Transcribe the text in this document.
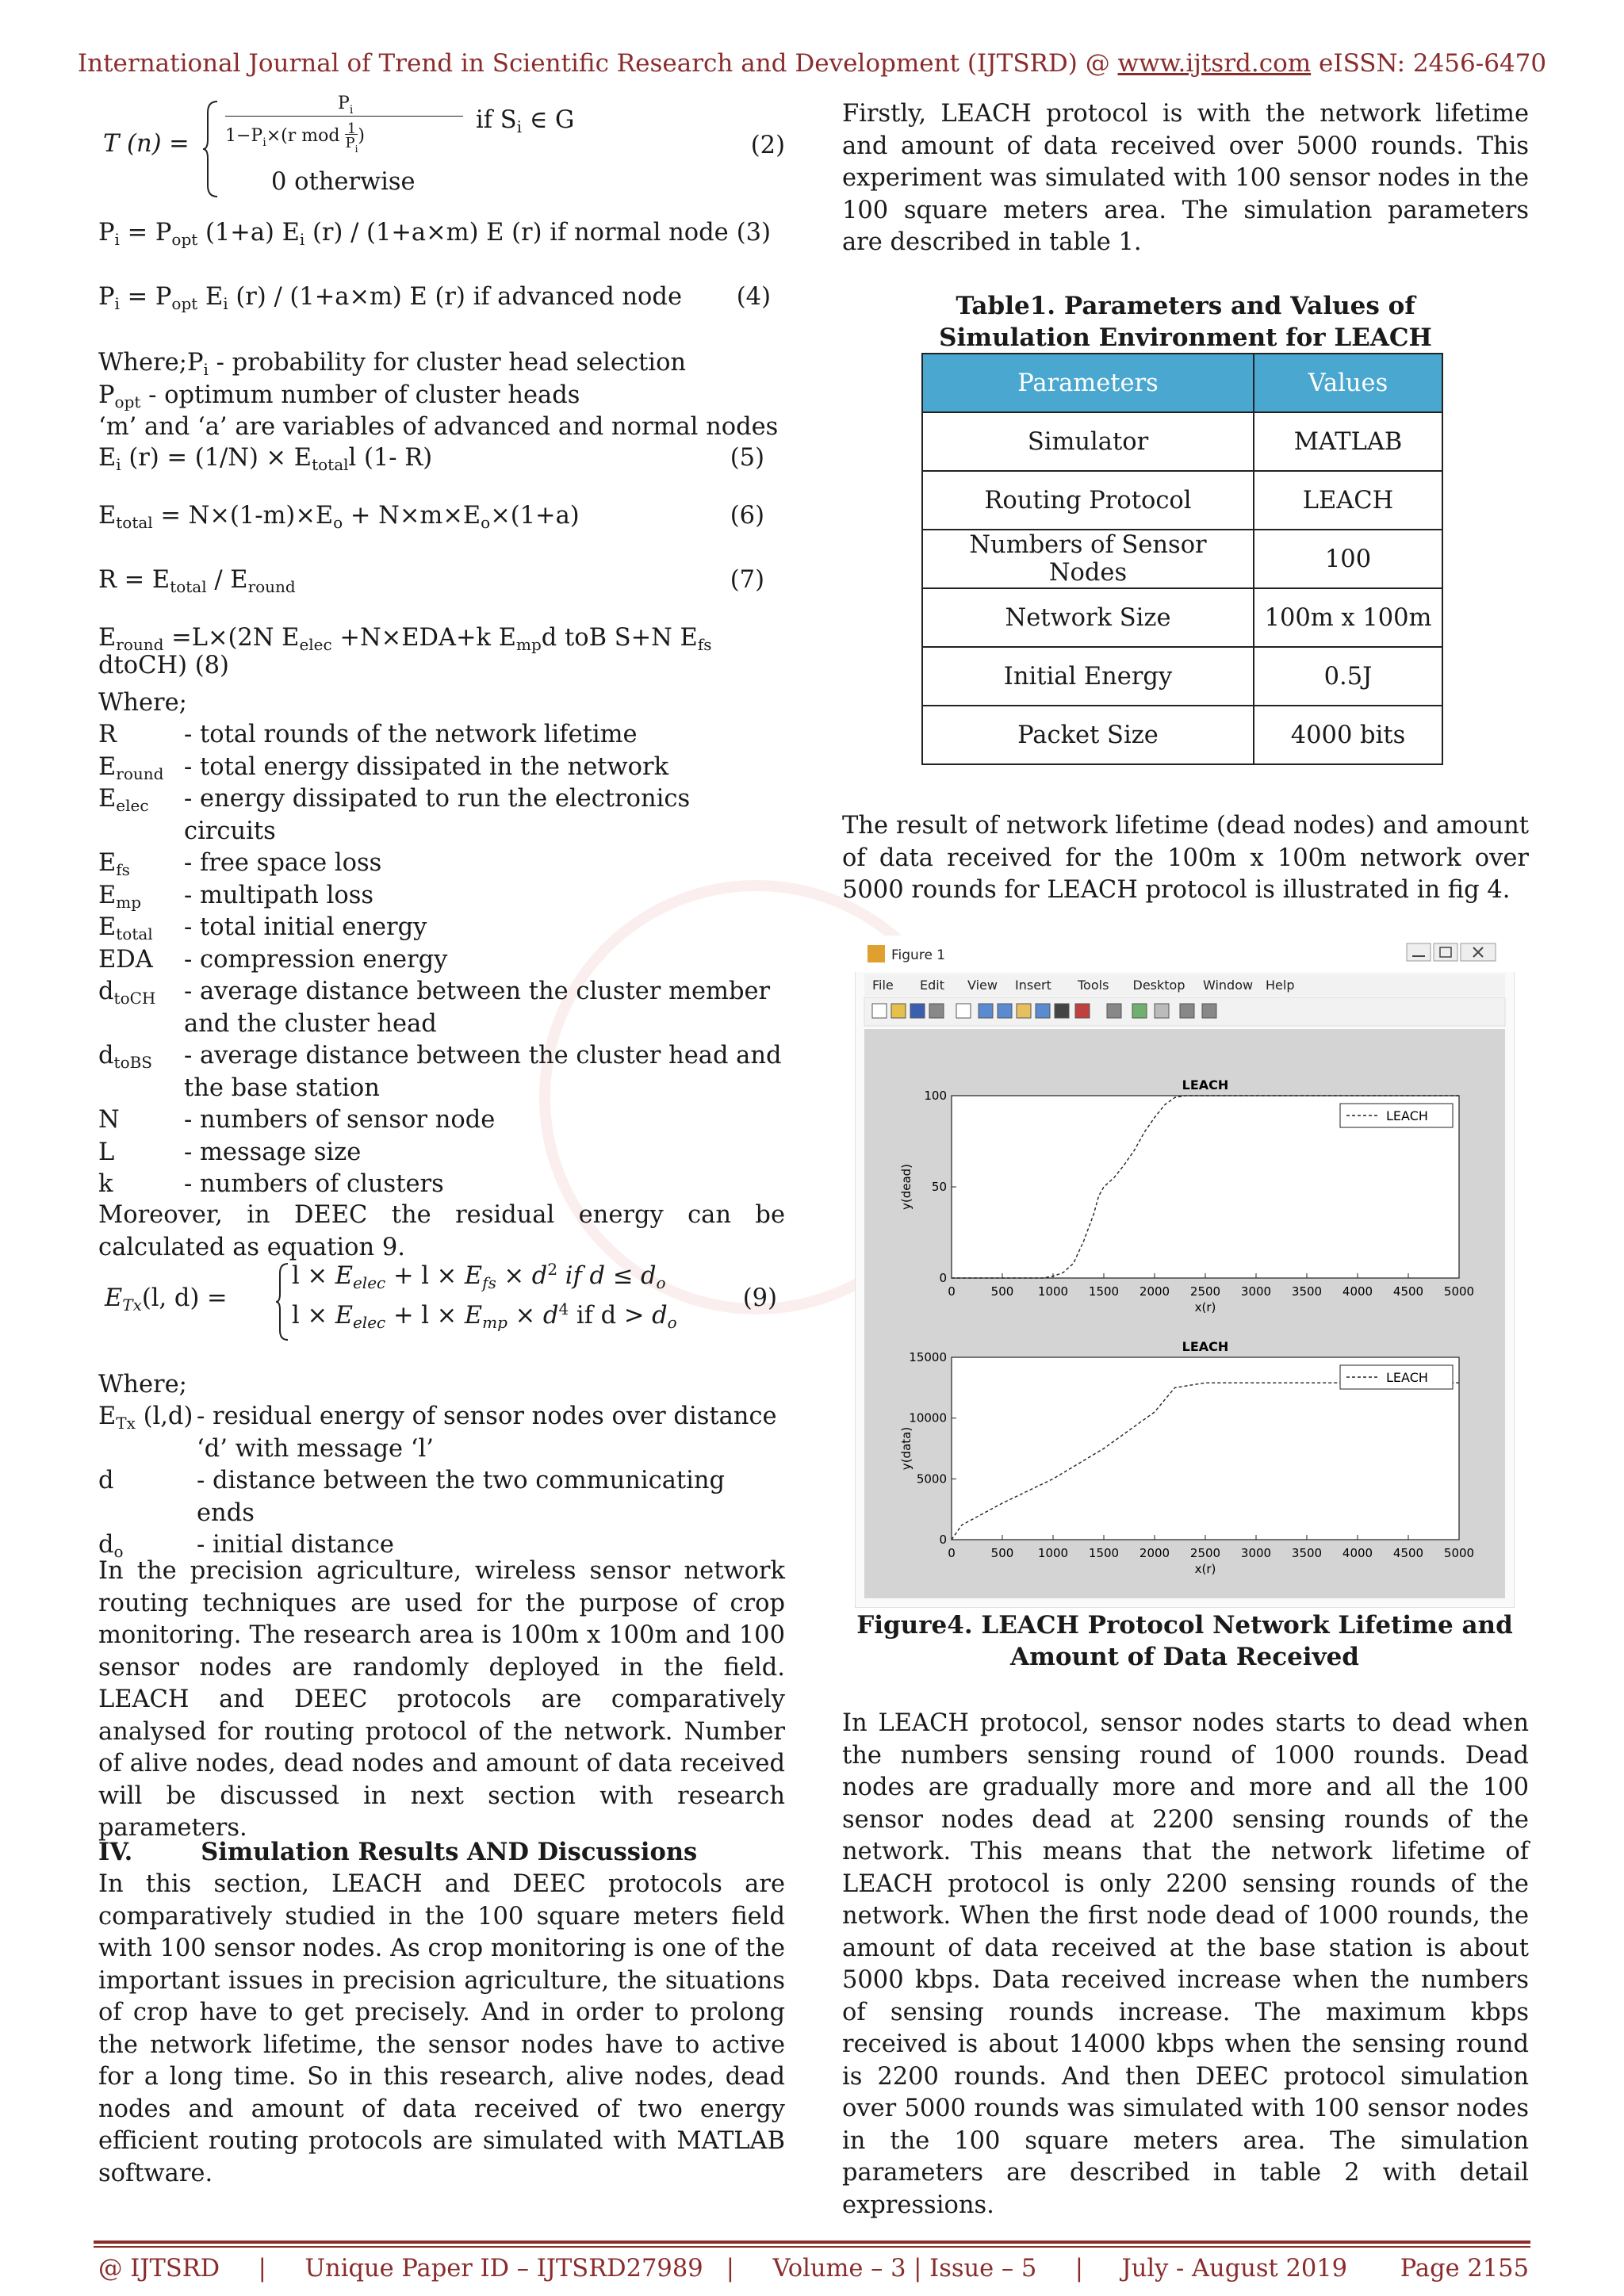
International Journal of Trend in Scientific Research and Development (IJTSRD) @ www.ijtsrd.com eISSN: 2456-6470
T (n) =
$P_i$
$1-P_i\times(r$ mod $\frac{1}{P_i}$)
if $S_i$ ∈ G
0 otherwise
(2)
$P_i = P_{opt}$ (1+a) $E_i$ (r) / (1+a×m) E (r) if normal node (3)
$P_i = P_{opt}$ $E_i$ (r) / (1+a×m) E (r) if advanced node (4)
$Where;P_i$ - probability for cluster head selection
$P_{opt}$ - optimum number of cluster heads
‘m’ and ‘a’ are variables of advanced and normal nodes
$E_i$ $(r) = (1/N) \times E_{total}l$ (1- R)	(5)
$E_{total} = N\times(1-m)\times E_o + N\times m\times E_o\times(1+a)$	(6)
$R = E_{total} / E_{round}$	(7)
$E_{round} =L\times(2N$ $E_{elec} +N\times EDA+k$ $E_{mp}d$ toB S+N $E_{fs}$ dtoCH) (8)
Where;
R	- total rounds of the network lifetime
$E_{round}$ - total energy dissipated in the network
$E_{elec}$	- energy dissipated to run the electronics circuits
$E_{fs}$	- free space loss
$E_{mp}$	- multipath loss
$E_{total}$	- total initial energy
EDA	- compression energy
$d_{toCH}$	- average distance between the cluster member and the cluster head
$d_{toBS}$	- average distance between the cluster head and the base station
N	- numbers of sensor node
L	- message size
k	- numbers of clusters
Moreover, in DEEC the residual energy can be calculated as equation 9.
$E_{Tx}(l$, d) =
$l \times E_{elec} + l \times E_{fs} \times d^2$ if $d \le d_o$
$l \times E_{elec} + l \times E_{mp} \times d^4$ if $d > d_o$
(9)
Where;
$E_{Tx}$ (l,d) - residual energy of sensor nodes over distance ‘d’ with message ‘l’
d	- distance between the two communicating ends
$d_o$	- initial distance
In the precision agriculture, wireless sensor network routing techniques are used for the purpose of crop monitoring. The research area is 100m x 100m and 100 sensor nodes are randomly deployed in the field. LEACH and DEEC protocols are comparatively analysed for routing protocol of the network. Number of alive nodes, dead nodes and amount of data received will be discussed in next section with research parameters.
IV.	Simulation Results AND Discussions
In this section, LEACH and DEEC protocols are comparatively studied in the 100 square meters field with 100 sensor nodes. As crop monitoring is one of the important issues in precision agriculture, the situations of crop have to get precisely. And in order to prolong the network lifetime, the sensor nodes have to active for a long time. So in this research, alive nodes, dead nodes and amount of data received of two energy efficient routing protocols are simulated with MATLAB software.
Firstly, LEACH protocol is with the network lifetime and amount of data received over 5000 rounds. This experiment was simulated with 100 sensor nodes in the 100 square meters area. The simulation parameters are described in table 1.
Table1. Parameters and Values of Simulation Environment for LEACH
Parameters	Values
Simulator	MATLAB
Routing Protocol	LEACH
Numbers of Sensor Nodes	100
Network Size	100m x 100m
Initial Energy	0.5J
Packet Size	4000 bits
The result of network lifetime (dead nodes) and amount of data received for the 100m x 100m network over 5000 rounds for LEACH protocol is illustrated in fig 4.
Figure 1
File Edit View Insert Tools Desktop Window Help
0	500 1000 1500 2000 2500 3000 3500 4000 4500 5000
0
50
100
LEACH
x(r)
y(dead)
LEACH
0	500 1000 1500 2000 2500 3000 3500 4000 4500 5000
0
5000
10000
15000
LEACH
x(r)
y(data)
LEACH
Figure4. LEACH Protocol Network Lifetime and Amount of Data Received
In LEACH protocol, sensor nodes starts to dead when the numbers sensing round of 1000 rounds. Dead nodes are gradually more and more and all the 100 sensor nodes dead at 2200 sensing rounds of the network. This means that the network lifetime of LEACH protocol is only 2200 sensing rounds of the network. When the first node dead of 1000 rounds, the amount of data received at the base station is about 5000 kbps. Data received increase when the numbers of sensing rounds increase. The maximum kbps received is about 14000 kbps when the sensing round is 2200 rounds. And then DEEC protocol simulation over 5000 rounds was simulated with 100 sensor nodes in the 100 square meters area. The simulation parameters are described in table 2 with detail expressions.
@ IJTSRD     |     Unique Paper ID – IJTSRD27989   |     Volume – 3 | Issue – 5     |     July - August 2019 Page 2155
